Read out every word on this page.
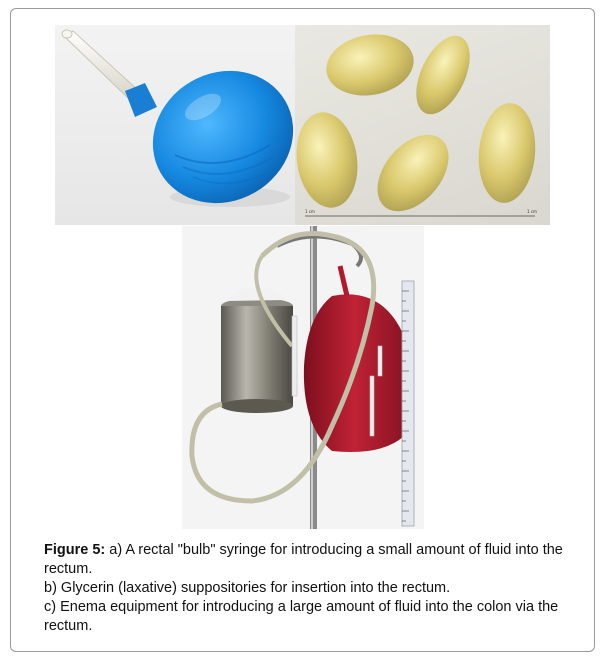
1 cm	1 cm

Figure 5: a) A rectal "bulb" syringe for introducing a small amount of fluid into the rectum.

b) Glycerin (laxative) suppositories for insertion into the rectum.

c) Enema equipment for introducing a large amount of fluid into the colon via the rectum.
